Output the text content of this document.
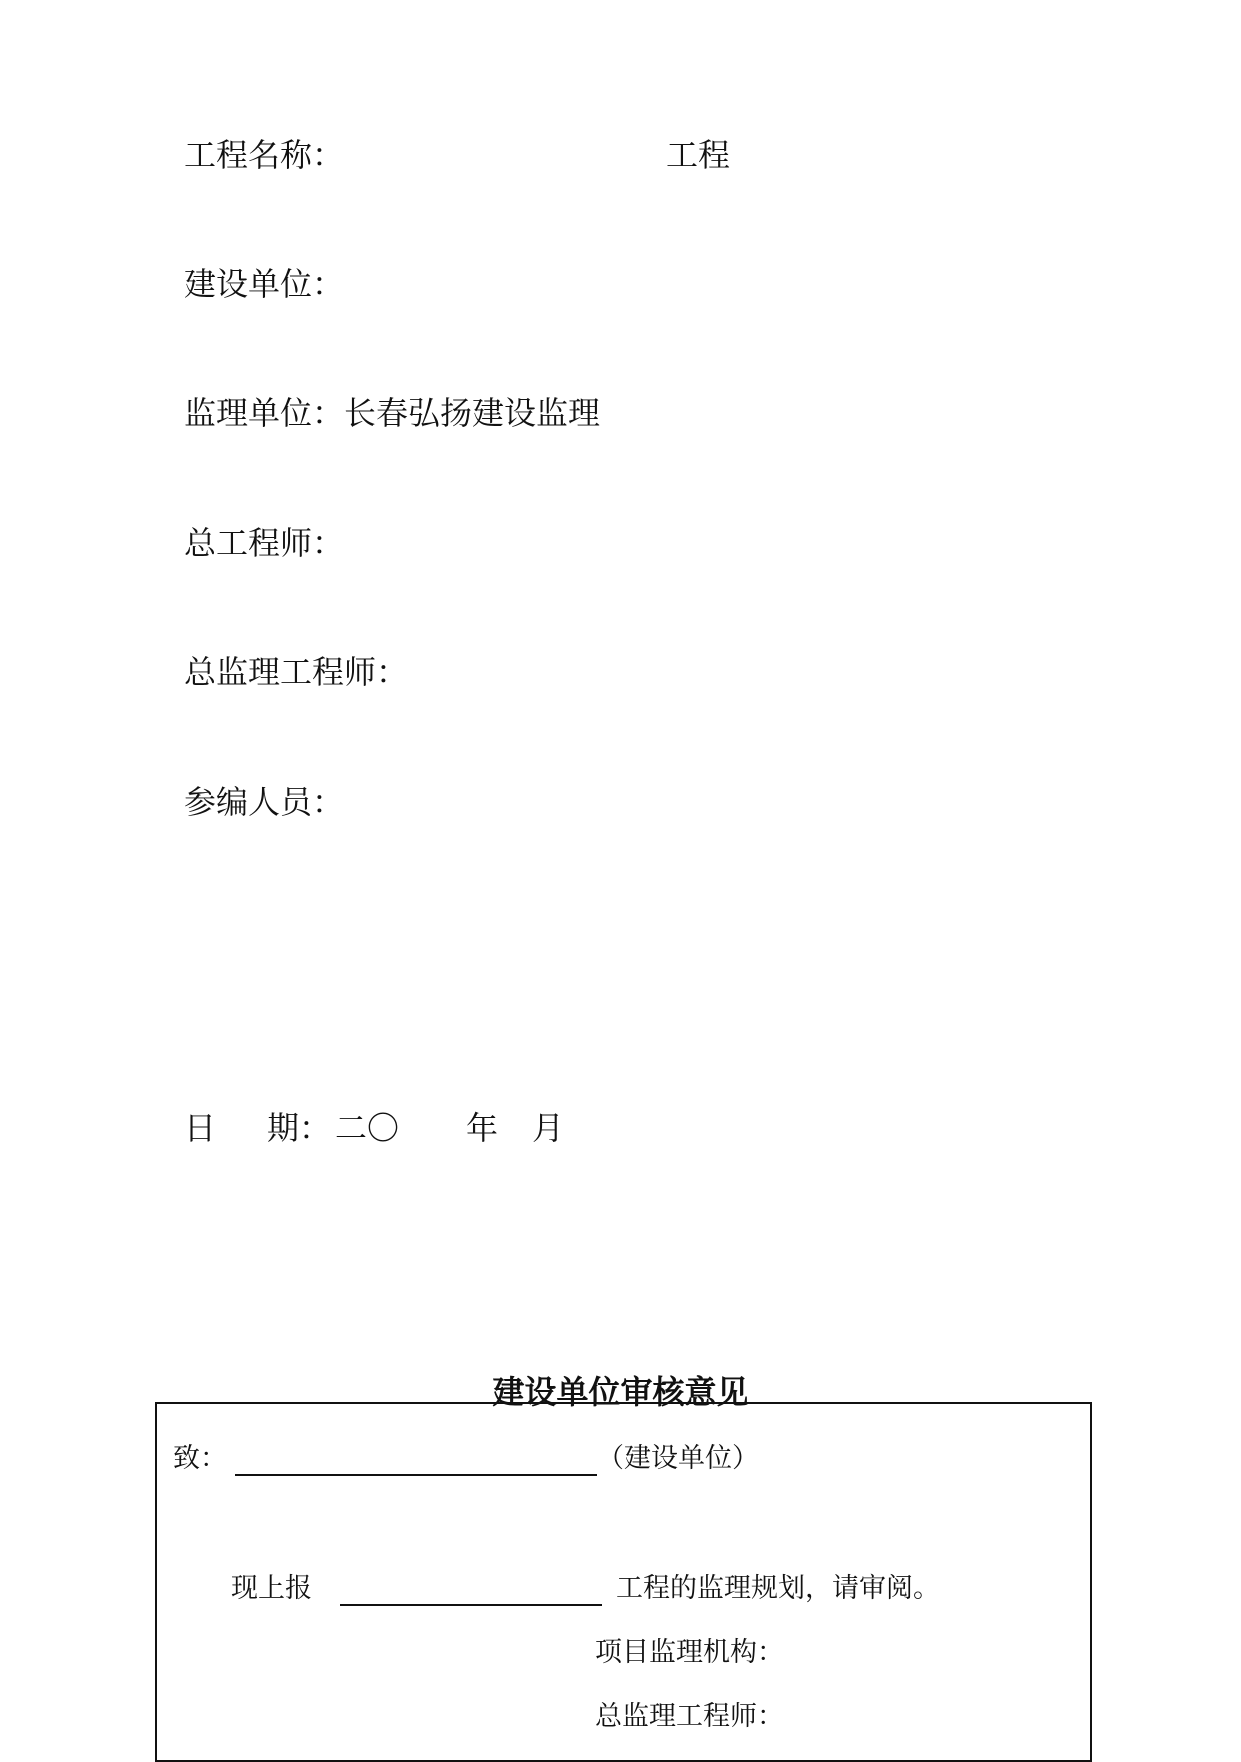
工程名称：	工程
建设单位：
监理单位：长春弘扬建设监理
总工程师：
总监理工程师：
参编人员：
日 期： 二〇 年 月
建设单位审核意见
致：	（建设单位）
现上报	工程的监理规划，请审阅。
项目监理机构：
总监理工程师：
